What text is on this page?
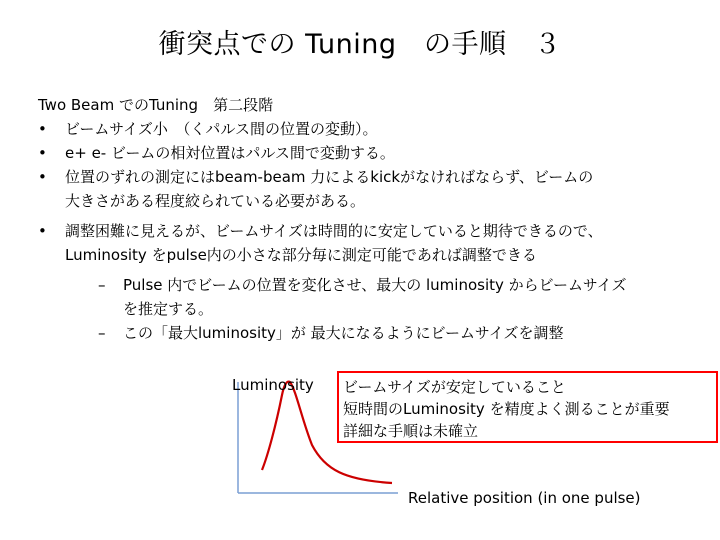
衝突点での Tuning　の手順　３

Two Beam でのTuning　第二段階

• ビームサイズ小　（くパルス間の位置の変動）。
• e+ e- ビームの相対位置はパルス間で変動する。
• 位置のずれの測定にはbeam-beam 力によるkickがなければならず、ビームの
大きさがある程度絞られている必要がある。
• 調整困難に見えるが、ビームサイズは時間的に安定していると期待できるので、
Luminosity をpulse内の小さな部分毎に測定可能であれば調整できる
– Pulse 内でビームの位置を変化させ、最大の luminosity からビームサイズ
を推定する。
– この「最大luminosity」が 最大になるようにビームサイズを調整
Luminosity
Relative position (in one pulse)
ビームサイズが安定していること
短時間のLuminosity を精度よく測ることが重要
詳細な手順は未確立
